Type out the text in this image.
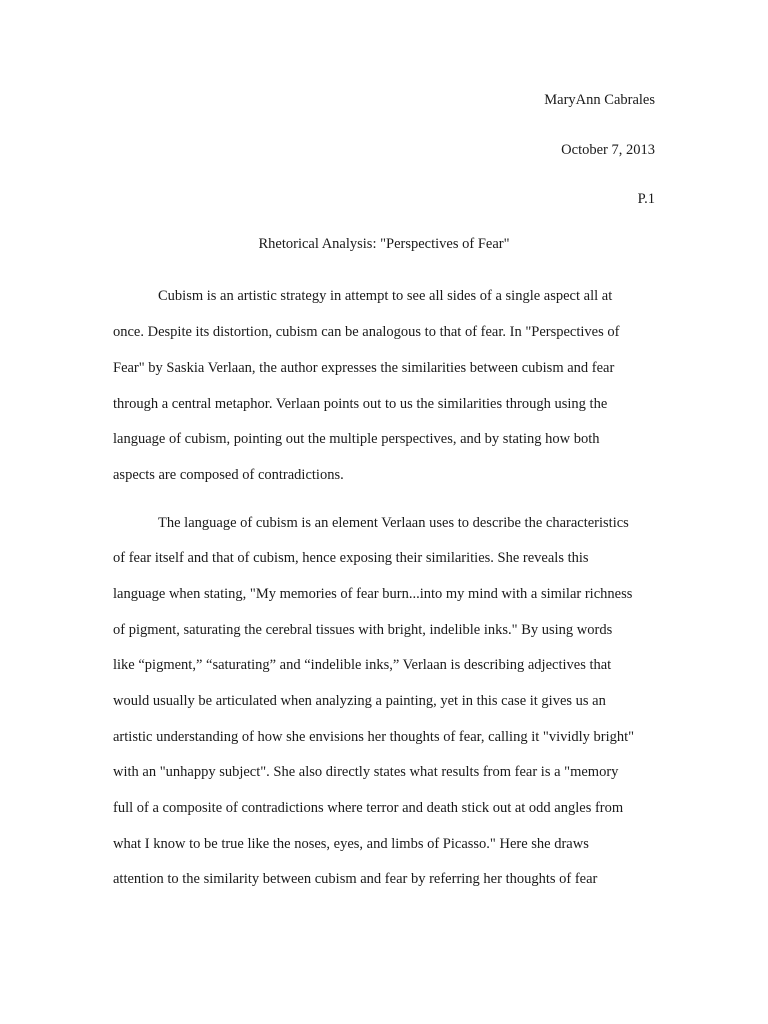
MaryAnn Cabrales
October 7, 2013
P.1
Rhetorical Analysis: "Perspectives of Fear"
Cubism is an artistic strategy in attempt to see all sides of a single aspect all at
once. Despite its distortion, cubism can be analogous to that of fear. In "Perspectives of
Fear" by Saskia Verlaan, the author expresses the similarities between cubism and fear
through a central metaphor. Verlaan points out to us the similarities through using the
language of cubism, pointing out the multiple perspectives, and by stating how both
aspects are composed of contradictions.
The language of cubism is an element Verlaan uses to describe the characteristics
of fear itself and that of cubism, hence exposing their similarities. She reveals this
language when stating, "My memories of fear burn...into my mind with a similar richness
of pigment, saturating the cerebral tissues with bright, indelible inks." By using words
like “pigment,” “saturating” and “indelible inks,” Verlaan is describing adjectives that
would usually be articulated when analyzing a painting, yet in this case it gives us an
artistic understanding of how she envisions her thoughts of fear, calling it "vividly bright"
with an "unhappy subject". She also directly states what results from fear is a "memory
full of a composite of contradictions where terror and death stick out at odd angles from
what I know to be true like the noses, eyes, and limbs of Picasso." Here she draws
attention to the similarity between cubism and fear by referring her thoughts of fear
